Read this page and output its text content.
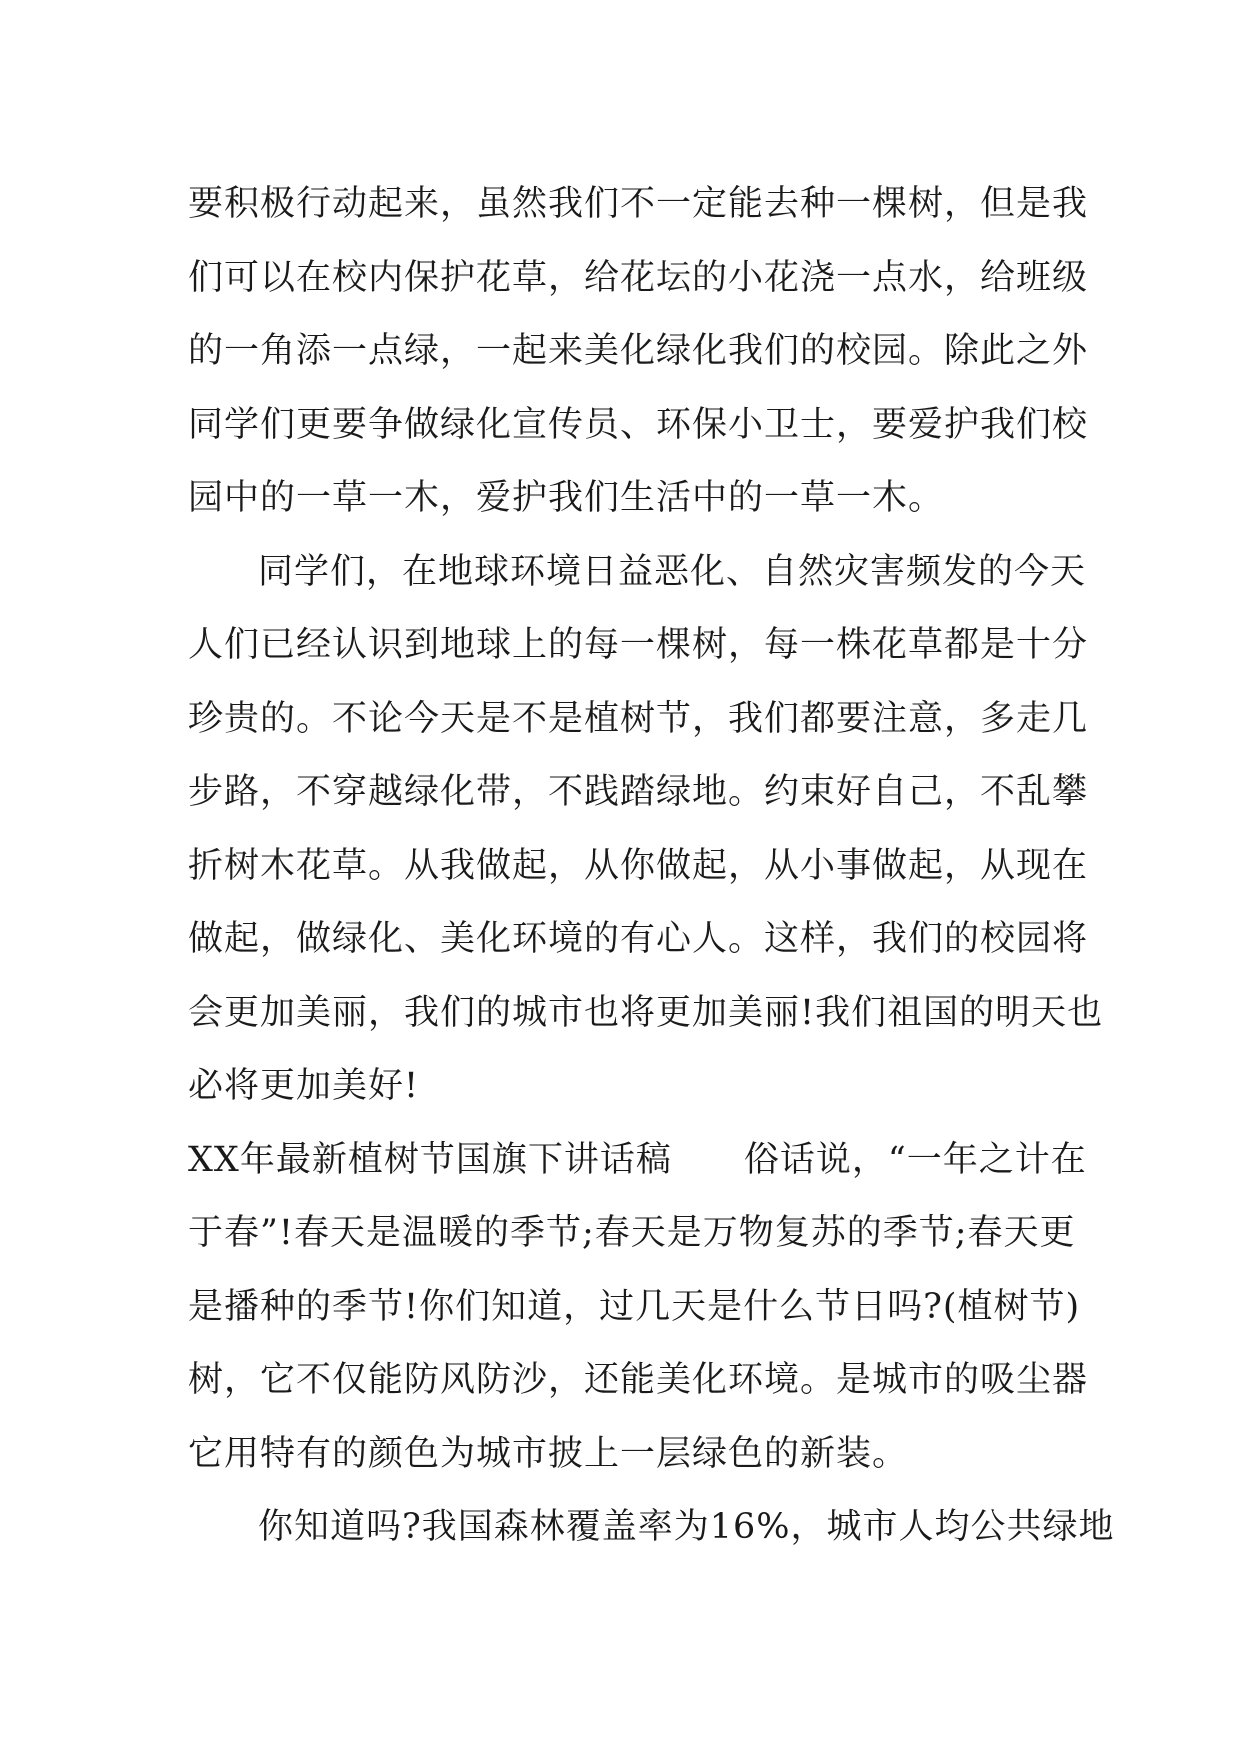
要积极行动起来，虽然我们不一定能去种一棵树，但是我
们可以在校内保护花草，给花坛的小花浇一点水，给班级
的一角添一点绿，一起来美化绿化我们的校园。除此之外
同学们更要争做绿化宣传员、环保小卫士，要爱护我们校
园中的一草一木，爱护我们生活中的一草一木。
同学们，在地球环境日益恶化、自然灾害频发的今天
人们已经认识到地球上的每一棵树，每一株花草都是十分
珍贵的。不论今天是不是植树节，我们都要注意，多走几
步路，不穿越绿化带，不践踏绿地。约束好自己，不乱攀
折树木花草。从我做起，从你做起，从小事做起，从现在
做起，做绿化、美化环境的有心人。这样，我们的校园将
会更加美丽，我们的城市也将更加美丽!我们祖国的明天也
必将更加美好!
XX年最新植树节国旗下讲话稿　　俗话说，“一年之计在
于春”!春天是温暖的季节;春天是万物复苏的季节;春天更
是播种的季节!你们知道，过几天是什么节日吗?(植树节)
树，它不仅能防风防沙，还能美化环境。是城市的吸尘器
它用特有的颜色为城市披上一层绿色的新装。
你知道吗?我国森林覆盖率为16%，城市人均公共绿地
